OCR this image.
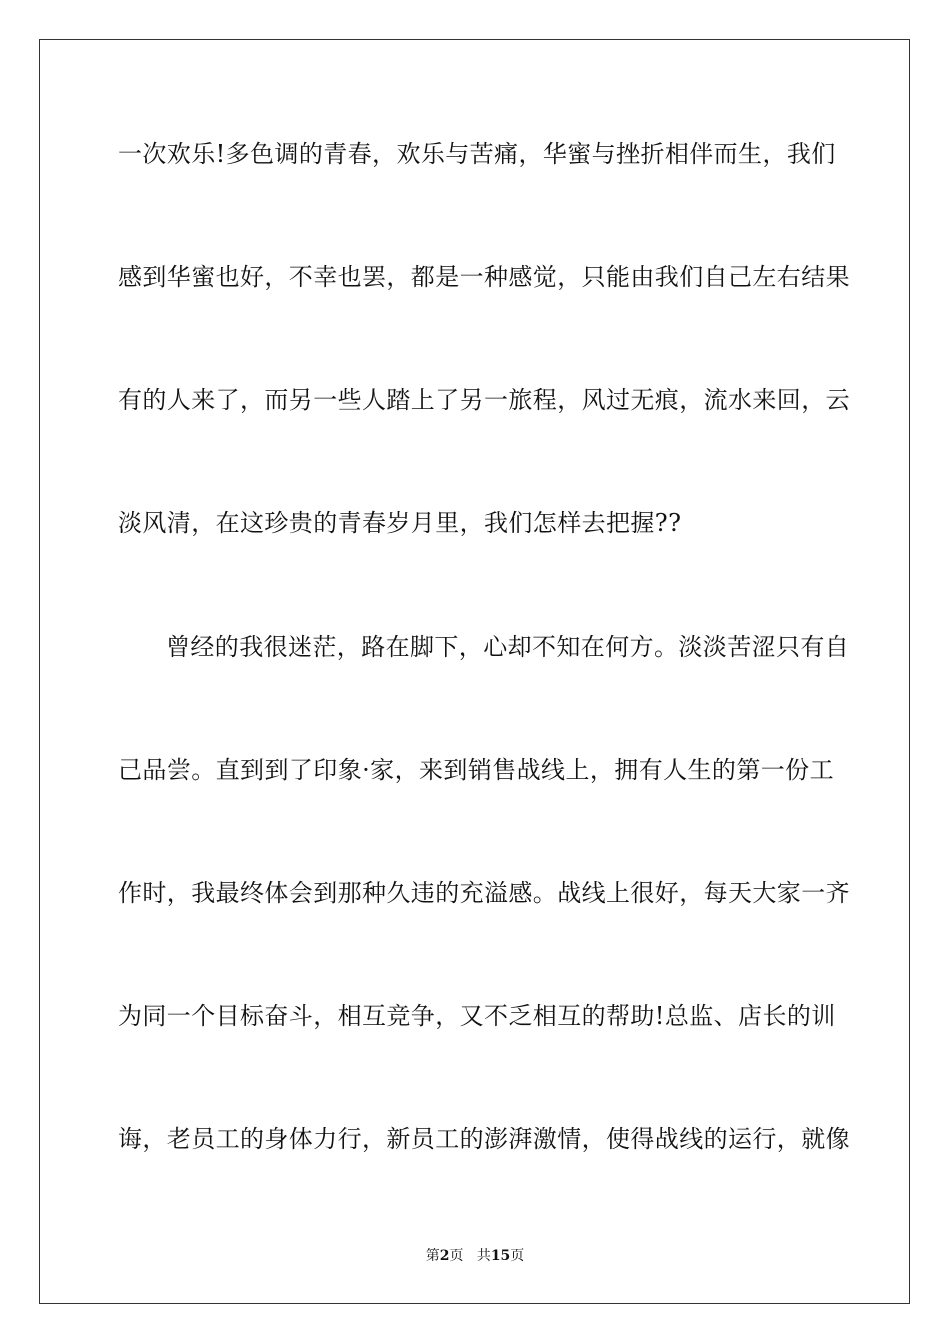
一次欢乐!多色调的青春，欢乐与苦痛，华蜜与挫折相伴而生，我们
感到华蜜也好，不幸也罢，都是一种感觉，只能由我们自己左右结果
有的人来了，而另一些人踏上了另一旅程，风过无痕，流水来回，云
淡风清，在这珍贵的青春岁月里，我们怎样去把握??
曾经的我很迷茫，路在脚下，心却不知在何方。淡淡苦涩只有自
己品尝。直到到了印象·家，来到销售战线上，拥有人生的第一份工
作时，我最终体会到那种久违的充溢感。战线上很好，每天大家一齐
为同一个目标奋斗，相互竞争，又不乏相互的帮助!总监、店长的训
诲，老员工的身体力行，新员工的澎湃激情，使得战线的运行，就像
第2页 共15页
